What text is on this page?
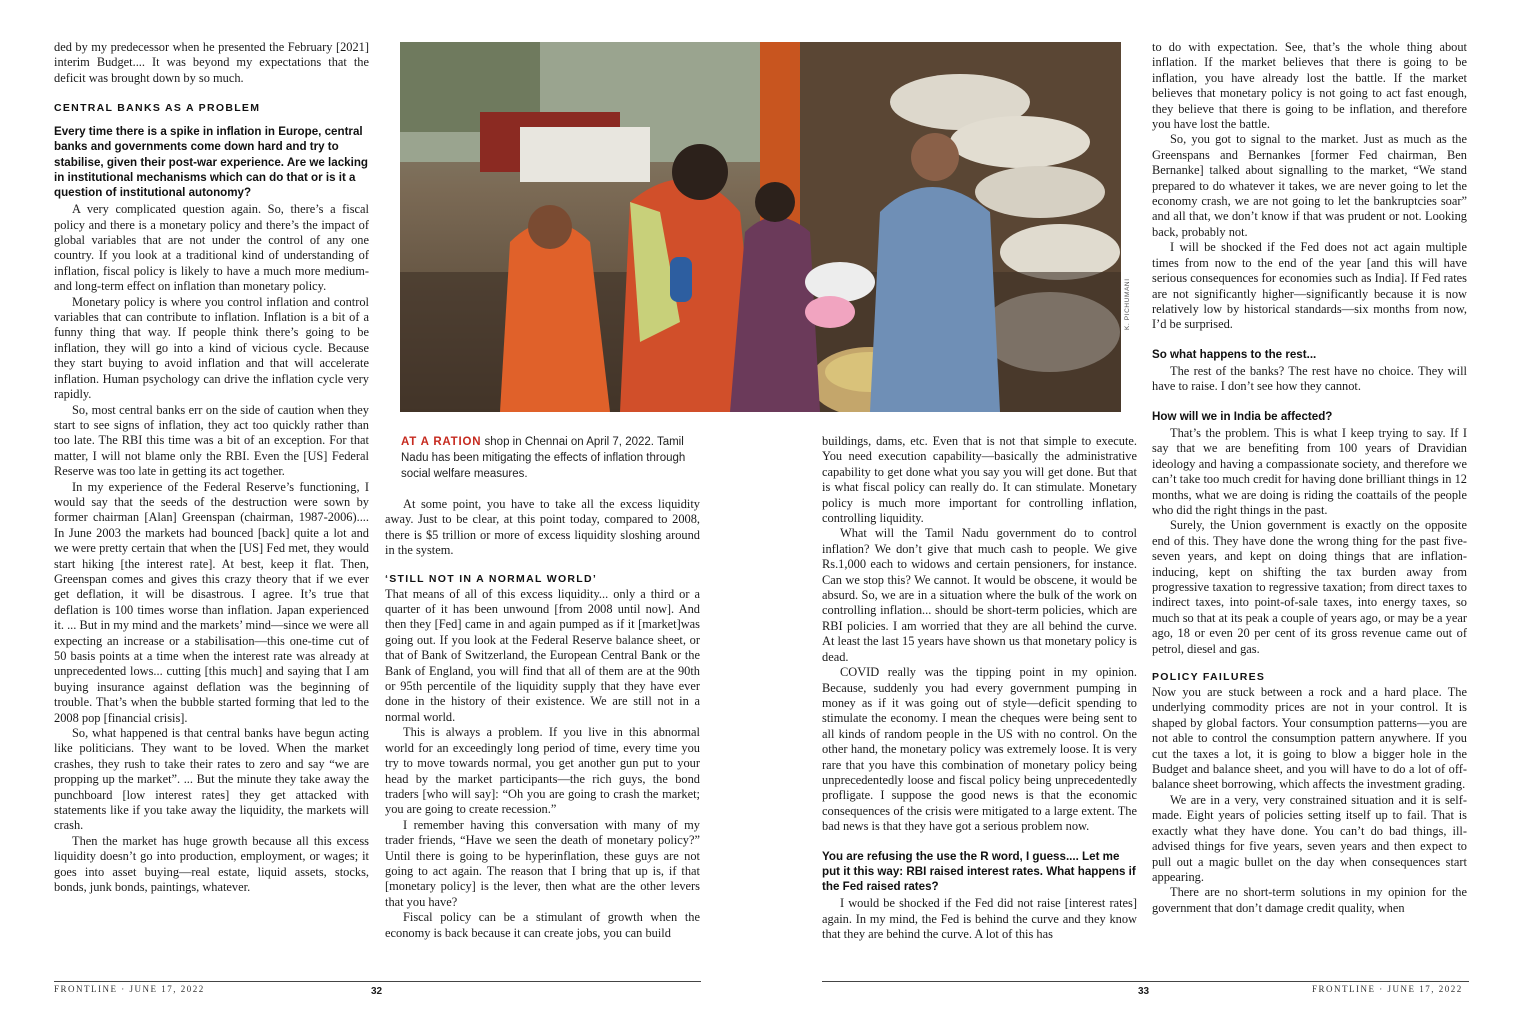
ded by my predecessor when he presented the February [2021] interim Budget.... It was beyond my expectations that the deficit was brought down by so much.

CENTRAL BANKS AS A PROBLEM

Every time there is a spike in inflation in Europe, central banks and governments come down hard and try to stabilise, given their post-war experience. Are we lacking in institutional mechanisms which can do that or is it a question of institutional autonomy?

A very complicated question again. So, there’s a fiscal policy and there is a monetary policy and there’s the impact of global variables that are not under the control of any one country. If you look at a traditional kind of understanding of inflation, fiscal policy is likely to have a much more medium- and long-term effect on inflation than monetary policy.

Monetary policy is where you control inflation and control variables that can contribute to inflation. Inflation is a bit of a funny thing that way. If people think there’s going to be inflation, they will go into a kind of vicious cycle. Because they start buying to avoid inflation and that will accelerate inflation. Human psychology can drive the inflation cycle very rapidly.

So, most central banks err on the side of caution when they start to see signs of inflation, they act too quickly rather than too late. The RBI this time was a bit of an exception. For that matter, I will not blame only the RBI. Even the [US] Federal Reserve was too late in getting its act together.

In my experience of the Federal Reserve’s functioning, I would say that the seeds of the destruction were sown by former chairman [Alan] Greenspan (chairman, 1987-2006).... In June 2003 the markets had bounced [back] quite a lot and we were pretty certain that when the [US] Fed met, they would start hiking [the interest rate]. At best, keep it flat. Then, Greenspan comes and gives this crazy theory that if we ever get deflation, it will be disastrous. I agree. It’s true that deflation is 100 times worse than inflation. Japan experienced it. ... But in my mind and the markets’ mind—since we were all expecting an increase or a stabilisation—this one-time cut of 50 basis points at a time when the interest rate was already at unprecedented lows... cutting [this much] and saying that I am buying insurance against deflation was the beginning of trouble. That’s when the bubble started forming that led to the 2008 pop [financial crisis].

So, what happened is that central banks have begun acting like politicians. They want to be loved. When the market crashes, they rush to take their rates to zero and say “we are propping up the market”. ... But the minute they take away the punchboard [low interest rates] they get attacked with statements like if you take away the liquidity, the markets will crash.

Then the market has huge growth because all this excess liquidity doesn’t go into production, employment, or wages; it goes into asset buying—real estate, liquid assets, stocks, bonds, junk bonds, paintings, whatever.

K. PICHUMANI
AT A RATION shop in Chennai on April 7, 2022. Tamil Nadu has been mitigating the effects of inflation through social welfare measures.

At some point, you have to take all the excess liquidity away. Just to be clear, at this point today, compared to 2008, there is $5 trillion or more of excess liquidity sloshing around in the system.

‘STILL NOT IN A NORMAL WORLD’

That means of all of this excess liquidity... only a third or a quarter of it has been unwound [from 2008 until now]. And then they [Fed] came in and again pumped as if it [market]was going out. If you look at the Federal Reserve balance sheet, or that of Bank of Switzerland, the European Central Bank or the Bank of England, you will find that all of them are at the 90th or 95th percentile of the liquidity supply that they have ever done in the history of their existence. We are still not in a normal world.

This is always a problem. If you live in this abnormal world for an exceedingly long period of time, every time you try to move towards normal, you get another gun put to your head by the market participants—the rich guys, the bond traders [who will say]: “Oh you are going to crash the market; you are going to create recession.”

I remember having this conversation with many of my trader friends, “Have we seen the death of monetary policy?” Until there is going to be hyperinflation, these guys are not going to act again. The reason that I bring that up is, if that [monetary policy] is the lever, then what are the other levers that you have?

Fiscal policy can be a stimulant of growth when the economy is back because it can create jobs, you can build

buildings, dams, etc. Even that is not that simple to execute. You need execution capability—basically the administrative capability to get done what you say you will get done. But that is what fiscal policy can really do. It can stimulate. Monetary policy is much more important for controlling inflation, controlling liquidity.

What will the Tamil Nadu government do to control inflation? We don’t give that much cash to people. We give Rs.1,000 each to widows and certain pensioners, for instance. Can we stop this? We cannot. It would be obscene, it would be absurd. So, we are in a situation where the bulk of the work on controlling inflation... should be short-term policies, which are RBI policies. I am worried that they are all behind the curve. At least the last 15 years have shown us that monetary policy is dead.

COVID really was the tipping point in my opinion. Because, suddenly you had every government pumping in money as if it was going out of style—deficit spending to stimulate the economy. I mean the cheques were being sent to all kinds of random people in the US with no control. On the other hand, the monetary policy was extremely loose. It is very rare that you have this combination of monetary policy being unprecedentedly loose and fiscal policy being unprecedentedly profligate. I suppose the good news is that the economic consequences of the crisis were mitigated to a large extent. The bad news is that they have got a serious problem now.

You are refusing the use the R word, I guess.... Let me put it this way: RBI raised interest rates. What happens if the Fed raised rates?

I would be shocked if the Fed did not raise [interest rates] again. In my mind, the Fed is behind the curve and they know that they are behind the curve. A lot of this has

to do with expectation. See, that’s the whole thing about inflation. If the market believes that there is going to be inflation, you have already lost the battle. If the market believes that monetary policy is not going to act fast enough, they believe that there is going to be inflation, and therefore you have lost the battle.

So, you got to signal to the market. Just as much as the Greenspans and Bernankes [former Fed chairman, Ben Bernanke] talked about signalling to the market, “We stand prepared to do whatever it takes, we are never going to let the economy crash, we are not going to let the bankruptcies soar” and all that, we don’t know if that was prudent or not. Looking back, probably not.

I will be shocked if the Fed does not act again multiple times from now to the end of the year [and this will have serious consequences for economies such as India]. If Fed rates are not significantly higher—significantly because it is now relatively low by historical standards—six months from now, I’d be surprised.

So what happens to the rest...

The rest of the banks? The rest have no choice. They will have to raise. I don’t see how they cannot.

How will we in India be affected?

That’s the problem. This is what I keep trying to say. If I say that we are benefiting from 100 years of Dravidian ideology and having a compassionate society, and therefore we can’t take too much credit for having done brilliant things in 12 months, what we are doing is riding the coattails of the people who did the right things in the past.

Surely, the Union government is exactly on the opposite end of this. They have done the wrong thing for the past five-seven years, and kept on doing things that are inflation-inducing, kept on shifting the tax burden away from progressive taxation to regressive taxation; from direct taxes to indirect taxes, into point-of-sale taxes, into energy taxes, so much so that at its peak a couple of years ago, or may be a year ago, 18 or even 20 per cent of its gross revenue came out of petrol, diesel and gas.

POLICY FAILURES

Now you are stuck between a rock and a hard place. The underlying commodity prices are not in your control. It is shaped by global factors. Your consumption patterns—you are not able to control the consumption pattern anywhere. If you cut the taxes a lot, it is going to blow a bigger hole in the Budget and balance sheet, and you will have to do a lot of off-balance sheet borrowing, which affects the investment grading.

We are in a very, very constrained situation and it is self-made. Eight years of policies setting itself up to fail. That is exactly what they have done. You can’t do bad things, ill-advised things for five years, seven years and then expect to pull out a magic bullet on the day when consequences start appearing.

There are no short-term solutions in my opinion for the government that don’t damage credit quality, when

FRONTLINE · JUNE 17, 2022	32	33	FRONTLINE · JUNE 17, 2022
